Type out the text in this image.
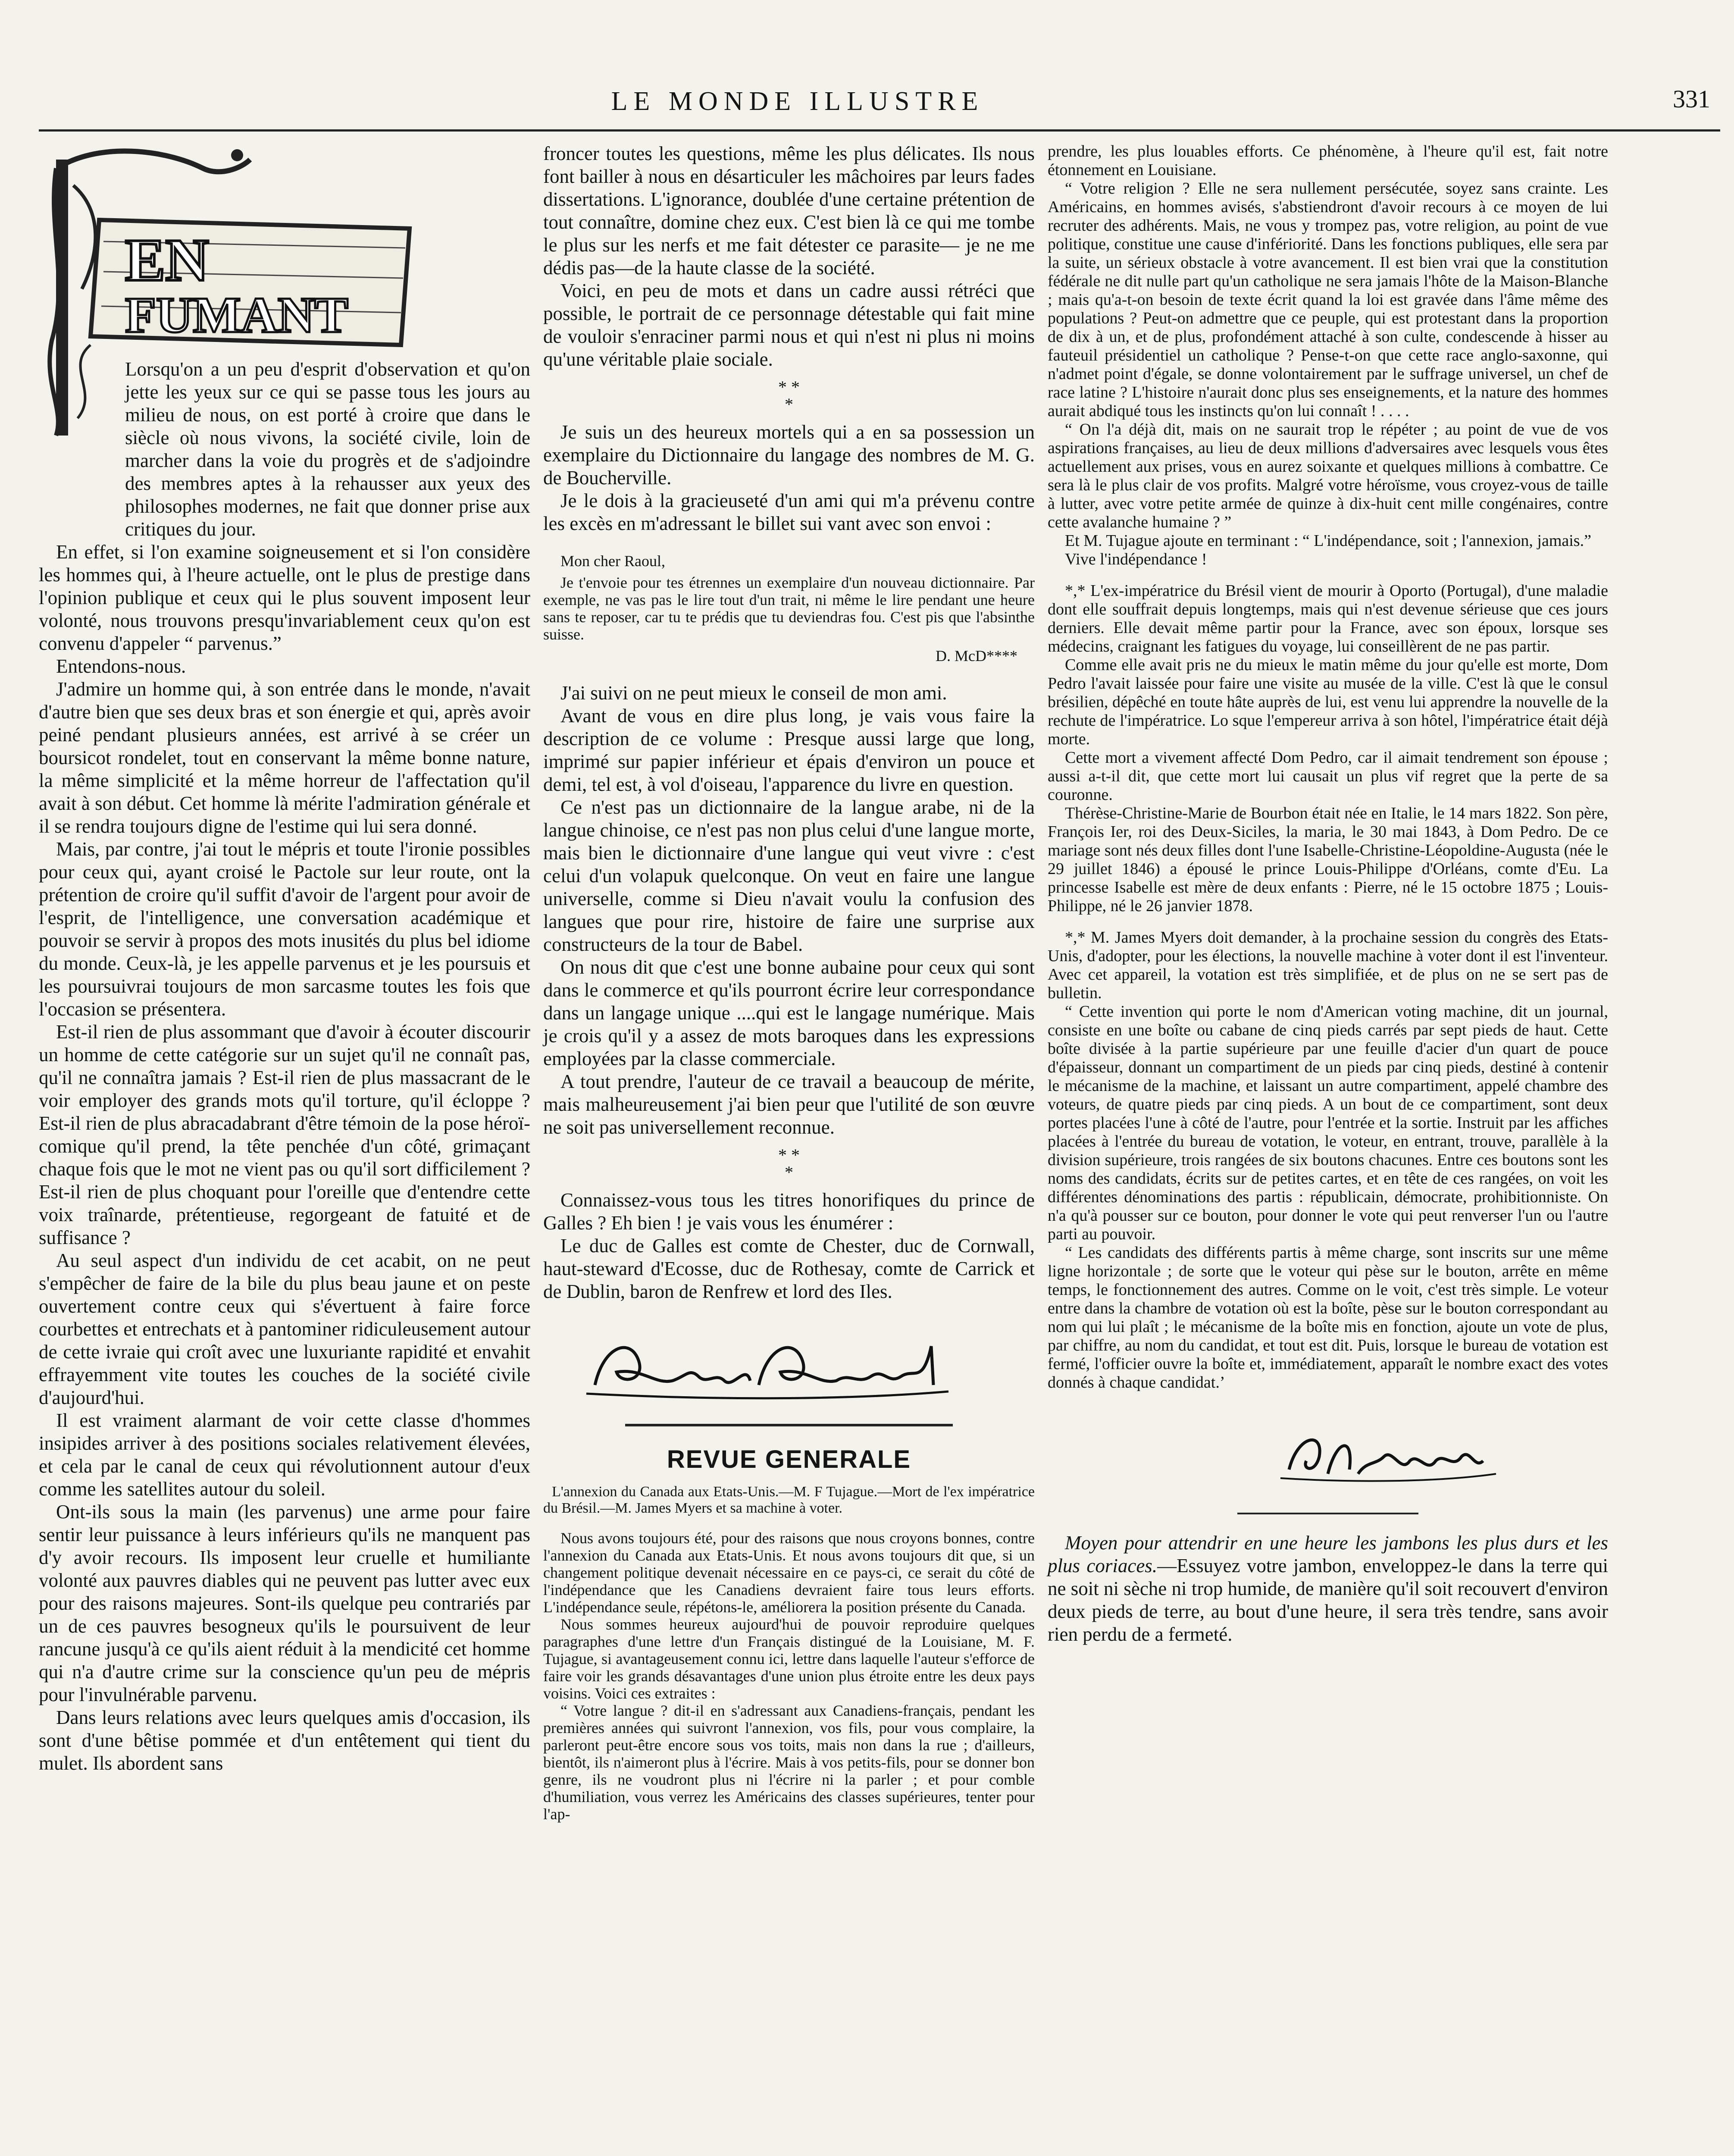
LE MONDE ILLUSTRE	331
EN
FUMANT

Lorsqu'on a un peu d'esprit d'observation et qu'on jette les yeux sur ce qui se passe tous les jours au milieu de nous, on est porté à croire que dans le siècle où nous vivons, la société civile, loin de marcher dans la voie du progrès et de s'adjoindre des membres aptes à la rehausser aux yeux des philosophes modernes, ne fait que donner prise aux critiques du jour.

En effet, si l'on examine soigneusement et si l'on considère les hommes qui, à l'heure actuelle, ont le plus de prestige dans l'opinion publique et ceux qui le plus souvent imposent leur volonté, nous trouvons presqu'invariablement ceux qu'on est convenu d'appeler “ parvenus.”

Entendons-nous.

J'admire un homme qui, à son entrée dans le monde, n'avait d'autre bien que ses deux bras et son énergie et qui, après avoir peiné pendant plusieurs années, est arrivé à se créer un boursicot rondelet, tout en conservant la même bonne nature, la même simplicité et la même horreur de l'affectation qu'il avait à son début. Cet homme là mérite l'admiration générale et il se rendra toujours digne de l'estime qui lui sera donné.

Mais, par contre, j'ai tout le mépris et toute l'ironie possibles pour ceux qui, ayant croisé le Pactole sur leur route, ont la prétention de croire qu'il suffit d'avoir de l'argent pour avoir de l'esprit, de l'intelligence, une conversation académique et pouvoir se servir à propos des mots inusités du plus bel idiome du monde. Ceux-là, je les appelle parvenus et je les poursuis et les poursuivrai toujours de mon sarcasme toutes les fois que l'occasion se présentera.

Est-il rien de plus assommant que d'avoir à écouter discourir un homme de cette catégorie sur un sujet qu'il ne connaît pas, qu'il ne connaîtra jamais ? Est-il rien de plus massacrant de le voir employer des grands mots qu'il torture, qu'il écloppe ? Est-il rien de plus abracadabrant d'être témoin de la pose héroï-comique qu'il prend, la tête penchée d'un côté, grimaçant chaque fois que le mot ne vient pas ou qu'il sort difficilement ? Est-il rien de plus choquant pour l'oreille que d'entendre cette voix traînarde, prétentieuse, regorgeant de fatuité et de suffisance ?

Au seul aspect d'un individu de cet acabit, on ne peut s'empêcher de faire de la bile du plus beau jaune et on peste ouvertement contre ceux qui s'évertuent à faire force courbettes et entrechats et à pantominer ridiculeusement autour de cette ivraie qui croît avec une luxuriante rapidité et envahit effrayemment vite toutes les couches de la société civile d'aujourd'hui.

Il est vraiment alarmant de voir cette classe d'hommes insipides arriver à des positions sociales relativement élevées, et cela par le canal de ceux qui révolutionnent autour d'eux comme les satellites autour du soleil.

Ont-ils sous la main (les parvenus) une arme pour faire sentir leur puissance à leurs inférieurs qu'ils ne manquent pas d'y avoir recours. Ils imposent leur cruelle et humiliante volonté aux pauvres diables qui ne peuvent pas lutter avec eux pour des raisons majeures. Sont-ils quelque peu contrariés par un de ces pauvres besogneux qu'ils le poursuivent de leur rancune jusqu'à ce qu'ils aient réduit à la mendicité cet homme qui n'a d'autre crime sur la conscience qu'un peu de mépris pour l'invulnérable parvenu.

Dans leurs relations avec leurs quelques amis d'occasion, ils sont d'une bêtise pommée et d'un entêtement qui tient du mulet. Ils abordent sans

froncer toutes les questions, même les plus délicates. Ils nous font bailler à nous en désarticuler les mâchoires par leurs fades dissertations. L'ignorance, doublée d'une certaine prétention de tout connaître, domine chez eux. C'est bien là ce qui me tombe le plus sur les nerfs et me fait détester ce parasite— je ne me dédis pas—de la haute classe de la société.

Voici, en peu de mots et dans un cadre aussi rétréci que possible, le portrait de ce personnage détestable qui fait mine de vouloir s'enraciner parmi nous et qui n'est ni plus ni moins qu'une véritable plaie sociale.

* *
*

Je suis un des heureux mortels qui a en sa possession un exemplaire du Dictionnaire du langage des nombres de M. G. de Boucherville.

Je le dois à la gracieuseté d'un ami qui m'a prévenu contre les excès en m'adressant le billet sui vant avec son envoi :

Mon cher Raoul,

Je t'envoie pour tes étrennes un exemplaire d'un nouveau dictionnaire. Par exemple, ne vas pas le lire tout d'un trait, ni même le lire pendant une heure sans te reposer, car tu te prédis que tu deviendras fou. C'est pis que l'absinthe suisse.

D. McD****

J'ai suivi on ne peut mieux le conseil de mon ami.

Avant de vous en dire plus long, je vais vous faire la description de ce volume : Presque aussi large que long, imprimé sur papier inférieur et épais d'environ un pouce et demi, tel est, à vol d'oiseau, l'apparence du livre en question.

Ce n'est pas un dictionnaire de la langue arabe, ni de la langue chinoise, ce n'est pas non plus celui d'une langue morte, mais bien le dictionnaire d'une langue qui veut vivre : c'est celui d'un volapuk quelconque. On veut en faire une langue universelle, comme si Dieu n'avait voulu la confusion des langues que pour rire, histoire de faire une surprise aux constructeurs de la tour de Babel.

On nous dit que c'est une bonne aubaine pour ceux qui sont dans le commerce et qu'ils pourront écrire leur correspondance dans un langage unique ....qui est le langage numérique. Mais je crois qu'il y a assez de mots baroques dans les expressions employées par la classe commerciale.

A tout prendre, l'auteur de ce travail a beaucoup de mérite, mais malheureusement j'ai bien peur que l'utilité de son œuvre ne soit pas universellement reconnue.

* *
*

Connaissez-vous tous les titres honorifiques du prince de Galles ? Eh bien ! je vais vous les énumérer :

Le duc de Galles est comte de Chester, duc de Cornwall, haut-steward d'Ecosse, duc de Rothesay, comte de Carrick et de Dublin, baron de Renfrew et lord des Iles.

REVUE GENERALE

L'annexion du Canada aux Etats-Unis.—M. F Tujague.—Mort de l'ex impératrice du Brésil.—M. James Myers et sa machine à voter.

Nous avons toujours été, pour des raisons que nous croyons bonnes, contre l'annexion du Canada aux Etats-Unis. Et nous avons toujours dit que, si un changement politique devenait nécessaire en ce pays-ci, ce serait du côté de l'indépendance que les Canadiens devraient faire tous leurs efforts. L'indépendance seule, répétons-le, améliorera la position présente du Canada.

Nous sommes heureux aujourd'hui de pouvoir reproduire quelques paragraphes d'une lettre d'un Français distingué de la Louisiane, M. F. Tujague, si avantageusement connu ici, lettre dans laquelle l'auteur s'efforce de faire voir les grands désavantages d'une union plus étroite entre les deux pays voisins. Voici ces extraites :

“ Votre langue ? dit-il en s'adressant aux Canadiens-français, pendant les premières années qui suivront l'annexion, vos fils, pour vous complaire, la parleront peut-être encore sous vos toits, mais non dans la rue ; d'ailleurs, bientôt, ils n'aimeront plus à l'écrire. Mais à vos petits-fils, pour se donner bon genre, ils ne voudront plus ni l'écrire ni la parler ; et pour comble d'humiliation, vous verrez les Américains des classes supérieures, tenter pour l'ap-

prendre, les plus louables efforts. Ce phénomène, à l'heure qu'il est, fait notre étonnement en Louisiane.

“ Votre religion ? Elle ne sera nullement persécutée, soyez sans crainte. Les Américains, en hommes avisés, s'abstiendront d'avoir recours à ce moyen de lui recruter des adhérents. Mais, ne vous y trompez pas, votre religion, au point de vue politique, constitue une cause d'infériorité. Dans les fonctions publiques, elle sera par la suite, un sérieux obstacle à votre avancement. Il est bien vrai que la constitution fédérale ne dit nulle part qu'un catholique ne sera jamais l'hôte de la Maison-Blanche ; mais qu'a-t-on besoin de texte écrit quand la loi est gravée dans l'âme même des populations ? Peut-on admettre que ce peuple, qui est protestant dans la proportion de dix à un, et de plus, profondément attaché à son culte, condescende à hisser au fauteuil présidentiel un catholique ? Pense-t-on que cette race anglo-saxonne, qui n'admet point d'égale, se donne volontairement par le suffrage universel, un chef de race latine ? L'histoire n'aurait donc plus ses enseignements, et la nature des hommes aurait abdiqué tous les instincts qu'on lui connaît ! . . . .

“ On l'a déjà dit, mais on ne saurait trop le répéter ; au point de vue de vos aspirations françaises, au lieu de deux millions d'adversaires avec lesquels vous êtes actuellement aux prises, vous en aurez soixante et quelques millions à combattre. Ce sera là le plus clair de vos profits. Malgré votre héroïsme, vous croyez-vous de taille à lutter, avec votre petite armée de quinze à dix-huit cent mille congénaires, contre cette avalanche humaine ? ”

Et M. Tujague ajoute en terminant : “ L'indépendance, soit ; l'annexion, jamais.”

Vive l'indépendance !

*,* L'ex-impératrice du Brésil vient de mourir à Oporto (Portugal), d'une maladie dont elle souffrait depuis longtemps, mais qui n'est devenue sérieuse que ces jours derniers. Elle devait même partir pour la France, avec son époux, lorsque ses médecins, craignant les fatigues du voyage, lui conseillèrent de ne pas partir.

Comme elle avait pris ne du mieux le matin même du jour qu'elle est morte, Dom Pedro l'avait laissée pour faire une visite au musée de la ville. C'est là que le consul brésilien, dépêché en toute hâte auprès de lui, est venu lui apprendre la nouvelle de la rechute de l'impératrice. Lo sque l'empereur arriva à son hôtel, l'impératrice était déjà morte.

Cette mort a vivement affecté Dom Pedro, car il aimait tendrement son épouse ; aussi a-t-il dit, que cette mort lui causait un plus vif regret que la perte de sa couronne.

Thérèse-Christine-Marie de Bourbon était née en Italie, le 14 mars 1822. Son père, François Ier, roi des Deux-Siciles, la maria, le 30 mai 1843, à Dom Pedro. De ce mariage sont nés deux filles dont l'une Isabelle-Christine-Léopoldine-Augusta (née le 29 juillet 1846) a épousé le prince Louis-Philippe d'Orléans, comte d'Eu. La princesse Isabelle est mère de deux enfants : Pierre, né le 15 octobre 1875 ; Louis-Philippe, né le 26 janvier 1878.

*,* M. James Myers doit demander, à la prochaine session du congrès des Etats-Unis, d'adopter, pour les élections, la nouvelle machine à voter dont il est l'inventeur. Avec cet appareil, la votation est très simplifiée, et de plus on ne se sert pas de bulletin.

“ Cette invention qui porte le nom d'American voting machine, dit un journal, consiste en une boîte ou cabane de cinq pieds carrés par sept pieds de haut. Cette boîte divisée à la partie supérieure par une feuille d'acier d'un quart de pouce d'épaisseur, donnant un compartiment de un pieds par cinq pieds, destiné à contenir le mécanisme de la machine, et laissant un autre compartiment, appelé chambre des voteurs, de quatre pieds par cinq pieds. A un bout de ce compartiment, sont deux portes placées l'une à côté de l'autre, pour l'entrée et la sortie. Instruit par les affiches placées à l'entrée du bureau de votation, le voteur, en entrant, trouve, parallèle à la division supérieure, trois rangées de six boutons chacunes. Entre ces boutons sont les noms des candidats, écrits sur de petites cartes, et en tête de ces rangées, on voit les différentes dénominations des partis : républicain, démocrate, prohibitionniste. On n'a qu'à pousser sur ce bouton, pour donner le vote qui peut renverser l'un ou l'autre parti au pouvoir.

“ Les candidats des différents partis à même charge, sont inscrits sur une même ligne horizontale ; de sorte que le voteur qui pèse sur le bouton, arrête en même temps, le fonctionnement des autres. Comme on le voit, c'est très simple. Le voteur entre dans la chambre de votation où est la boîte, pèse sur le bouton correspondant au nom qui lui plaît ; le mécanisme de la boîte mis en fonction, ajoute un vote de plus, par chiffre, au nom du candidat, et tout est dit. Puis, lorsque le bureau de votation est fermé, l'officier ouvre la boîte et, immédiatement, apparaît le nombre exact des votes donnés à chaque candidat.’

Moyen pour attendrir en une heure les jambons les plus durs et les plus coriaces.—Essuyez votre jambon, enveloppez-le dans la terre qui ne soit ni sèche ni trop humide, de manière qu'il soit recouvert d'environ deux pieds de terre, au bout d'une heure, il sera très tendre, sans avoir rien perdu de a fermeté.
